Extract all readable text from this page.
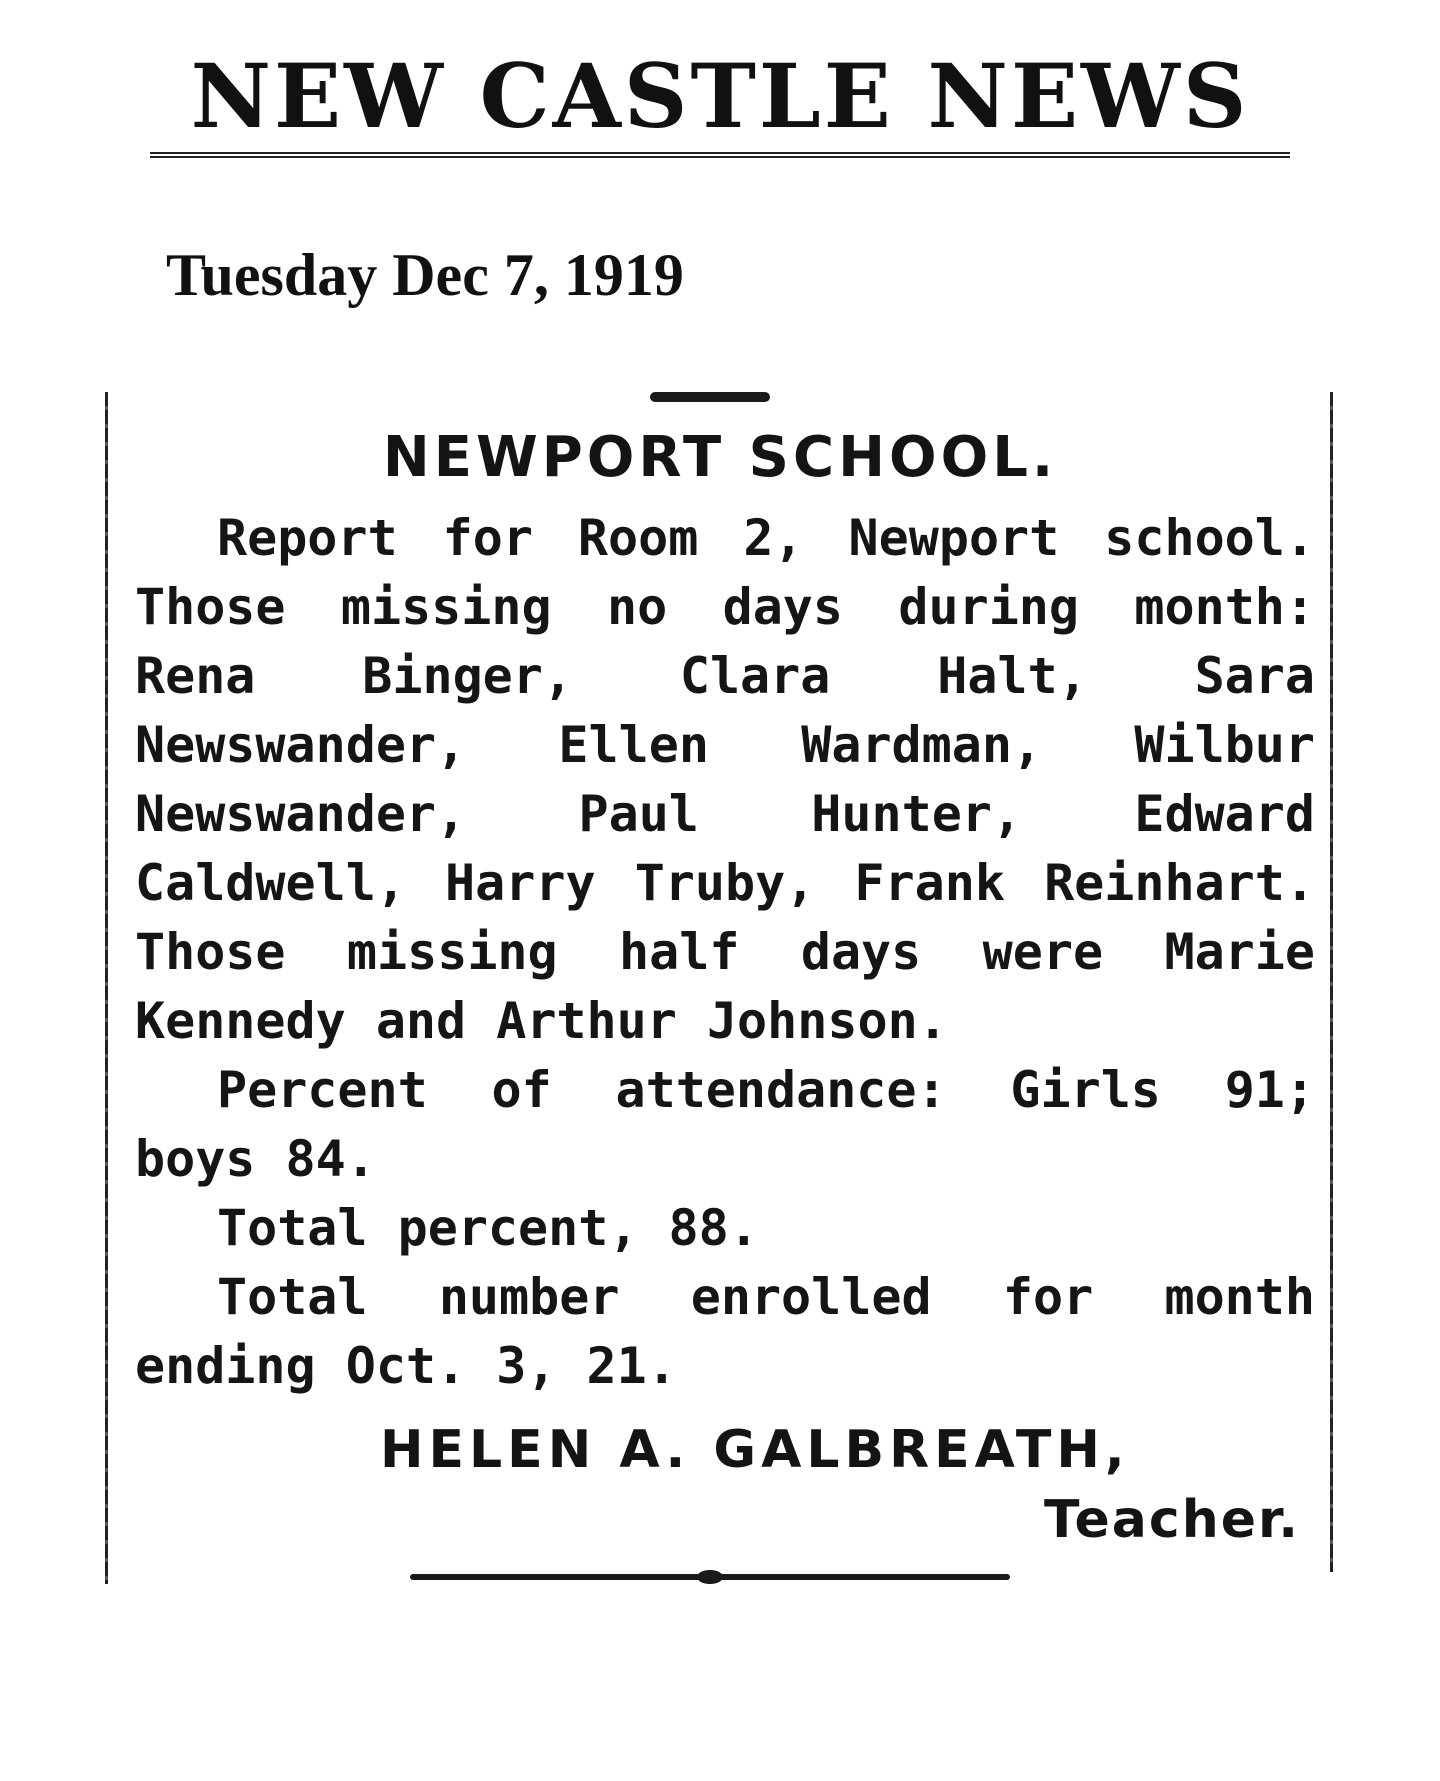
NEW CASTLE NEWS
Tuesday Dec 7, 1919
NEWPORT SCHOOL.

Report for Room 2, Newport school. Those missing no days during month: Rena Binger, Clara Halt, Sara Newswander, Ellen Wardman, Wilbur Newswander, Paul Hunter, Edward Caldwell, Harry Truby, Frank Reinhart. Those missing half days were Marie Kennedy and Arthur Johnson.

Percent of attendance: Girls 91; boys 84.

Total percent, 88.

Total number enrolled for month ending Oct. 3, 21.

HELEN A. GALBREATH,
Teacher.
